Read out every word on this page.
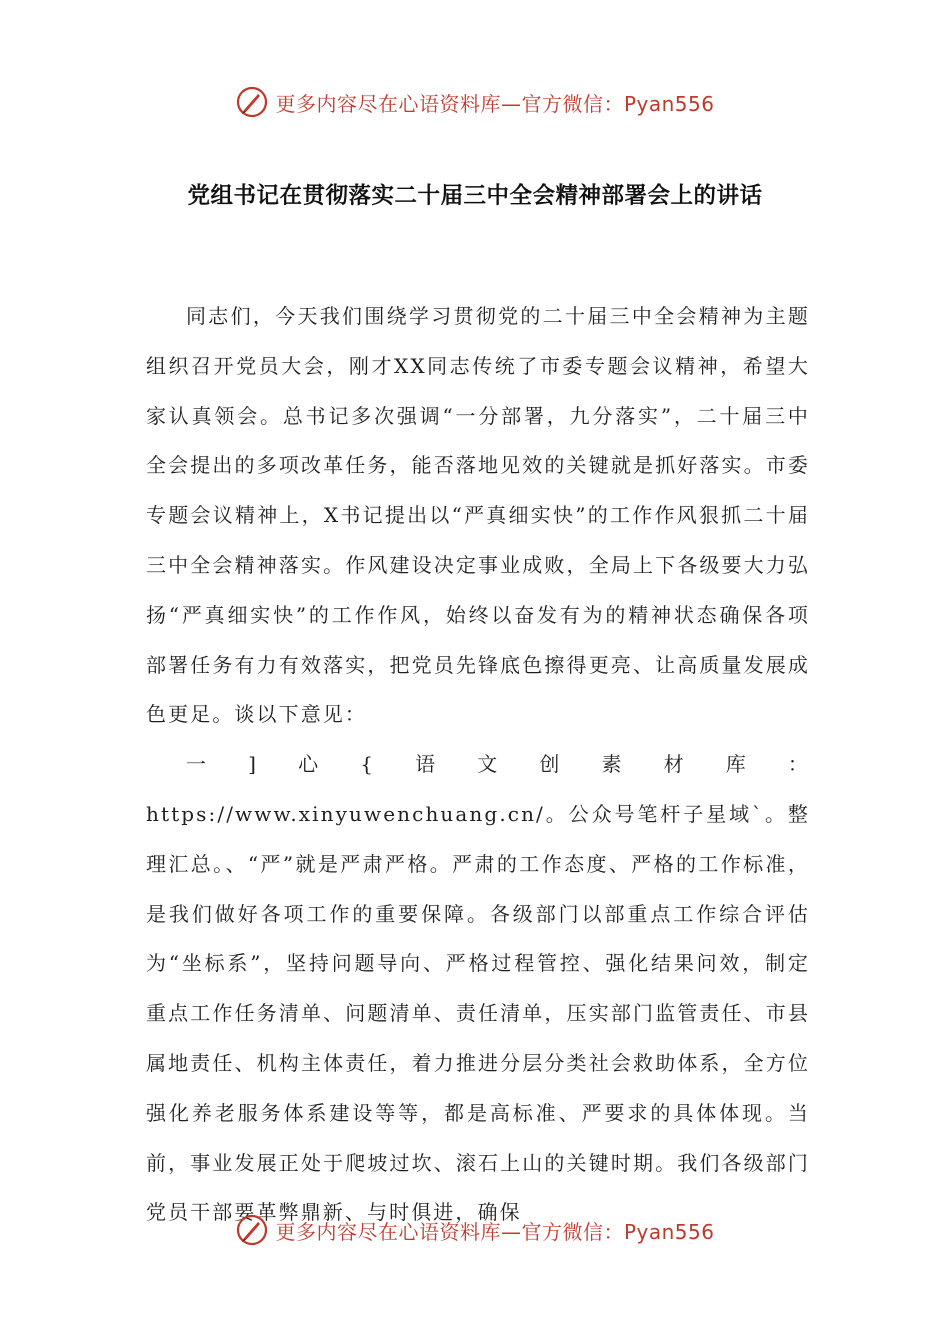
更多内容尽在心语资料库—官方微信：Pyan556
党组书记在贯彻落实二十届三中全会精神部署会上的讲话

同志们，今天我们围绕学习贯彻党的二十届三中全会精神为主题组织召开党员大会，刚才XX同志传统了市委专题会议精神，希望大家认真领会。总书记多次强调“一分部署，九分落实”，二十届三中全会提出的多项改革任务，能否落地见效的关键就是抓好落实。市委专题会议精神上，X书记提出以“严真细实快”的工作作风狠抓二十届三中全会精神落实。作风建设决定事业成败，全局上下各级要大力弘扬“严真细实快”的工作作风，始终以奋发有为的精神状态确保各项部署任务有力有效落实，把党员先锋底色擦得更亮、让高质量发展成色更足。谈以下意见：

一]心{语文创素材库：https://www.xinyuwenchuang.cn/。公众号笔杆子星域`。整理汇总。、“严”就是严肃严格。严肃的工作态度、严格的工作标准，是我们做好各项工作的重要保障。各级部门以部重点工作综合评估为“坐标系”，坚持问题导向、严格过程管控、强化结果问效，制定重点工作任务清单、问题清单、责任清单，压实部门监管责任、市县属地责任、机构主体责任，着力推进分层分类社会救助体系，全方位强化养老服务体系建设等等，都是高标准、严要求的具体体现。当前，事业发展正处于爬坡过坎、滚石上山的关键时期。我们各级部门党员干部要革弊鼎新、与时俱进，确保

更多内容尽在心语资料库—官方微信：Pyan556
